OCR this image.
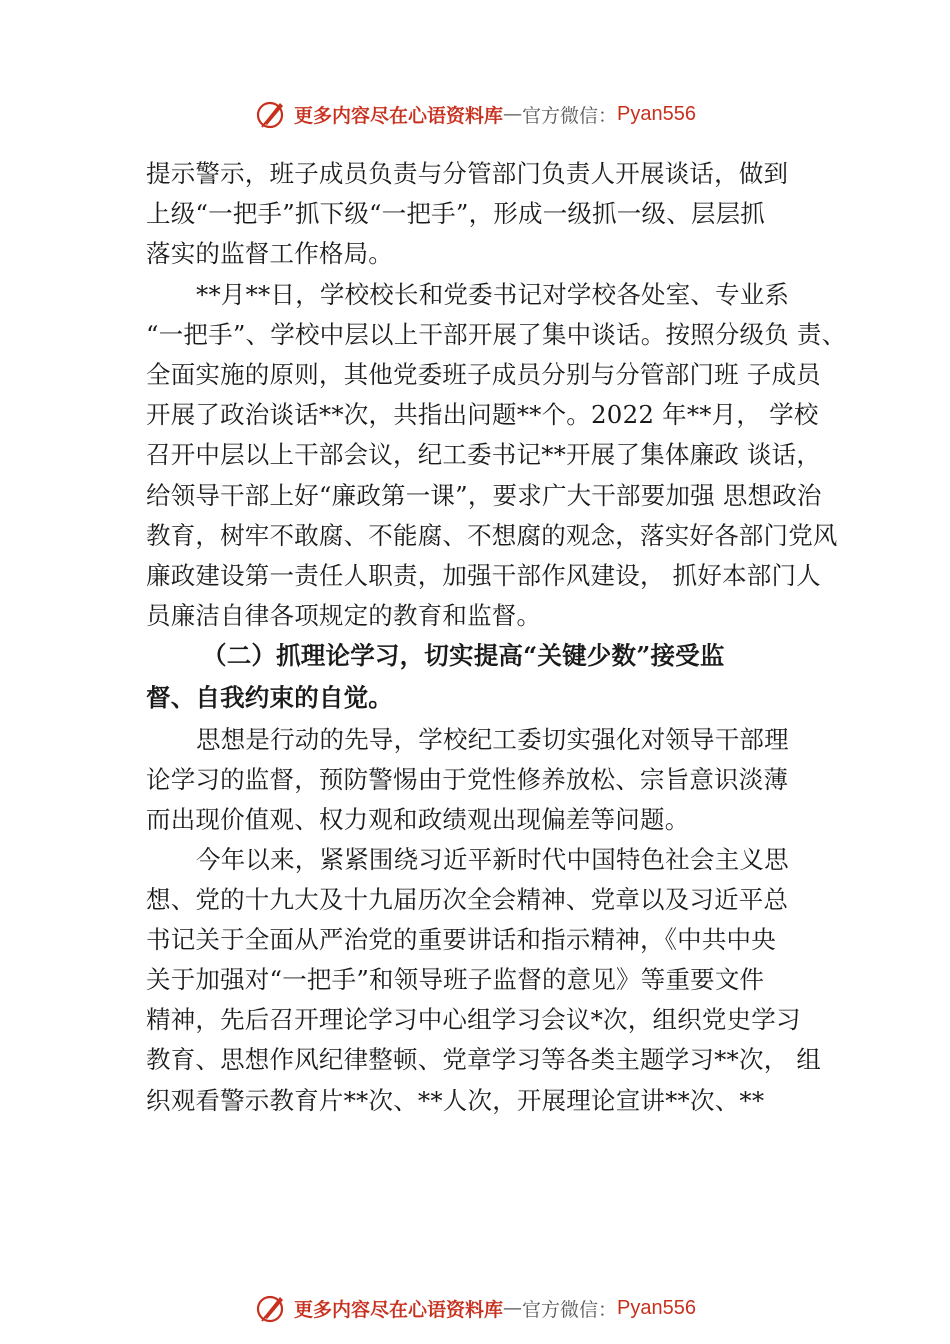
更多内容尽在心语资料库 — 官方微信： Pyan556
提示警示，班子成员负责与分管部门负责人开展谈话，做到
上级“一把手”抓下级“一把手”，形成一级抓一级、层层抓
落实的监督工作格局。
**月**日，学校校长和党委书记对学校各处室、专业系
“一把手”、学校中层以上干部开展了集中谈话。按照分级负 责、
全面实施的原则，其他党委班子成员分别与分管部门班 子成员
开展了政治谈话**次，共指出问题**个。2022 年**月， 学校
召开中层以上干部会议，纪工委书记**开展了集体廉政 谈话，
给领导干部上好“廉政第一课”，要求广大干部要加强 思想政治
教育，树牢不敢腐、不能腐、不想腐的观念，落实好各部门党风
廉政建设第一责任人职责，加强干部作风建设， 抓好本部门人
员廉洁自律各项规定的教育和监督。
（二）抓理论学习，切实提高“关键少数”接受监
督、自我约束的自觉。
思想是行动的先导，学校纪工委切实强化对领导干部理
论学习的监督，预防警惕由于党性修养放松、宗旨意识淡薄
而出现价值观、权力观和政绩观出现偏差等问题。
今年以来，紧紧围绕习近平新时代中国特色社会主义思
想、党的十九大及十九届历次全会精神、党章以及习近平总
书记关于全面从严治党的重要讲话和指示精神，《中共中央
关于加强对“一把手”和领导班子监督的意见》等重要文件
精神，先后召开理论学习中心组学习会议*次，组织党史学习
教育、思想作风纪律整顿、党章学习等各类主题学习**次， 组
织观看警示教育片**次、**人次，开展理论宣讲**次、**
更多内容尽在心语资料库 — 官方微信： Pyan556
